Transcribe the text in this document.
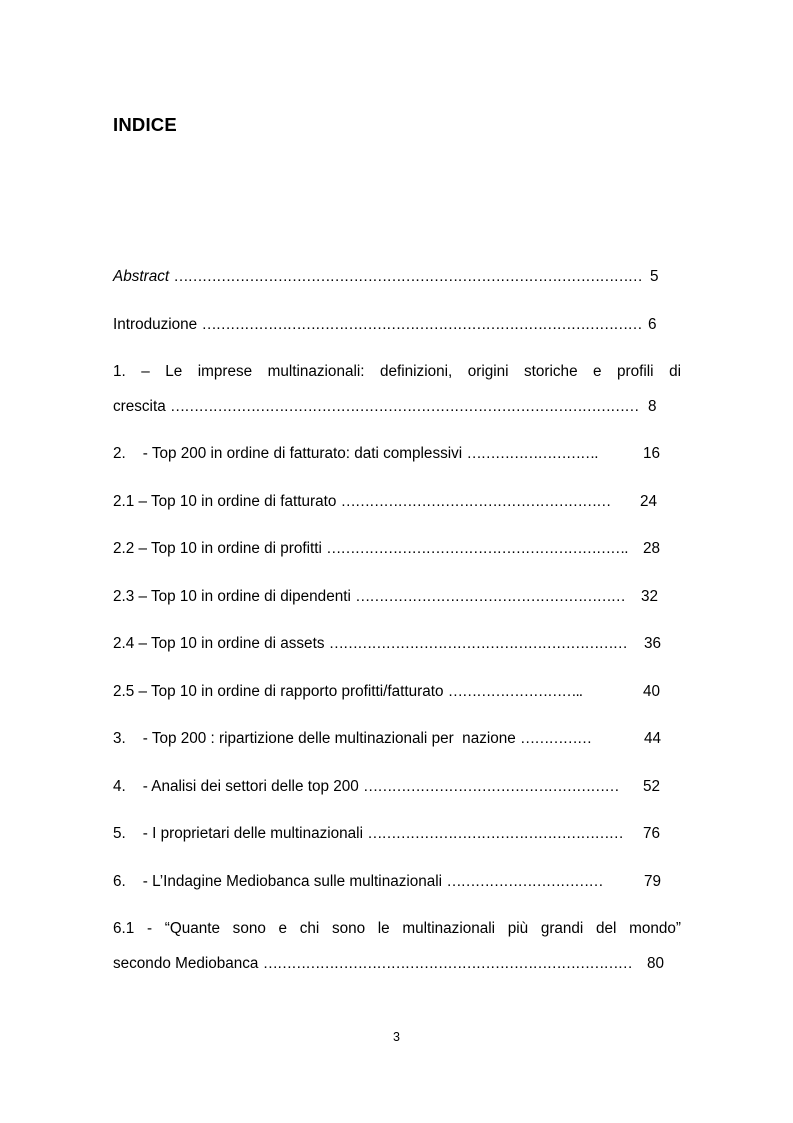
INDICE
Abstract ……………………………………………………………………………………… 5
Introduzione ………………………………………………………………………………… 6
1. – Le imprese multinazionali: definizioni, origini storiche e profili di
crescita ……………………………………………………………………………………… 8
2.    - Top 200 in ordine di fatturato: dati complessivi ……………………….	16
2.1 – Top 10 in ordine di fatturato ………………………………………………… 24
2.2 – Top 10 in ordine di profitti ………………………………………………………. 28
2.3 – Top 10 in ordine di dipendenti ………………………………………………… 32
2.4 – Top 10 in ordine di assets ……………………………………………………… 36
2.5 – Top 10 in ordine di rapporto profitti/fatturato ………………………..	40
3.    - Top 200 : ripartizione delle multinazionali per  nazione ……………	44
4.    - Analisi dei settori delle top 200 ……………………………………………… 52
5.    - I proprietari delle multinazionali ……………………………………………… 76
6.    - L’Indagine Mediobanca sulle multinazionali ……………………………	79
6.1 - “Quante sono e chi sono le multinazionali più grandi del mondo”
secondo Mediobanca …………………………………………………………………… 80
3
